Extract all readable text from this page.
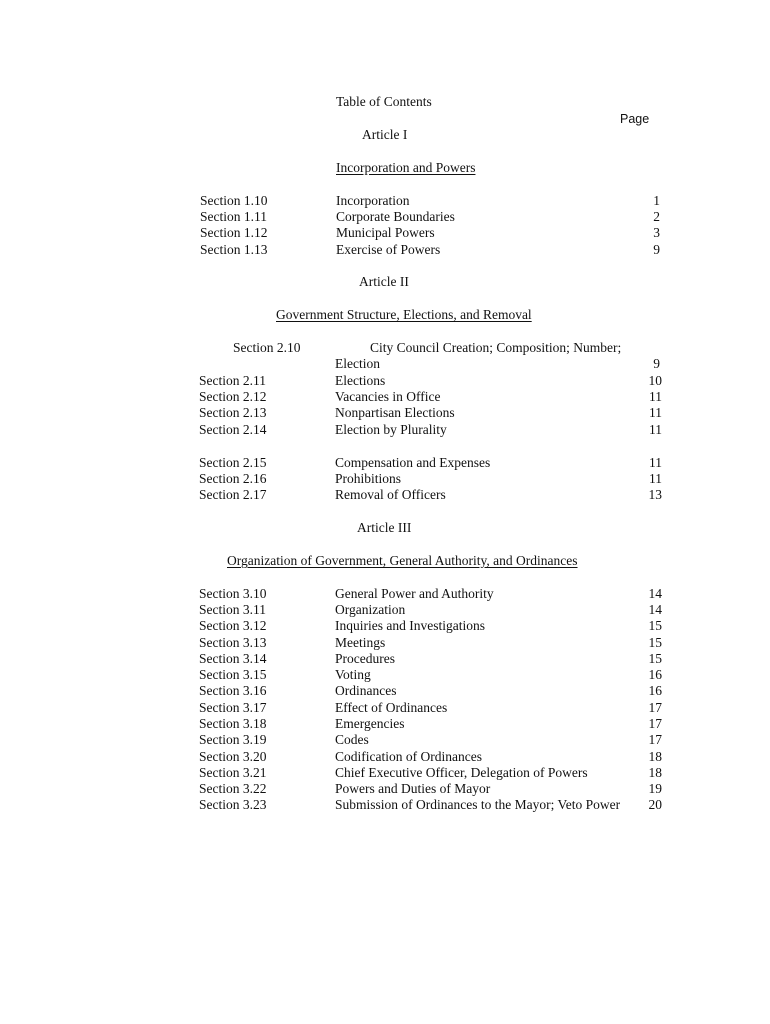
Table of Contents
Page
Article I
Incorporation and Powers
Section 1.10	Incorporation	1
Section 1.11	Corporate Boundaries	2
Section 1.12	Municipal Powers	3
Section 1.13	Exercise of Powers	9
Article II
Government Structure, Elections, and Removal
Section 2.10	City Council Creation; Composition; Number;
Election	9
Section 2.11	Elections	10
Section 2.12	Vacancies in Office	11
Section 2.13	Nonpartisan Elections	11
Section 2.14	Election by Plurality	11
Section 2.15	Compensation and Expenses	11
Section 2.16	Prohibitions	11
Section 2.17	Removal of Officers	13
Article III
Organization of Government, General Authority, and Ordinances
Section 3.10	General Power and Authority	14
Section 3.11	Organization	14
Section 3.12	Inquiries and Investigations	15
Section 3.13	Meetings	15
Section 3.14	Procedures	15
Section 3.15	Voting	16
Section 3.16	Ordinances	16
Section 3.17	Effect of Ordinances	17
Section 3.18	Emergencies	17
Section 3.19	Codes	17
Section 3.20	Codification of Ordinances	18
Section 3.21	Chief Executive Officer, Delegation of Powers	18
Section 3.22	Powers and Duties of Mayor	19
Section 3.23	Submission of Ordinances to the Mayor; Veto Power	20
